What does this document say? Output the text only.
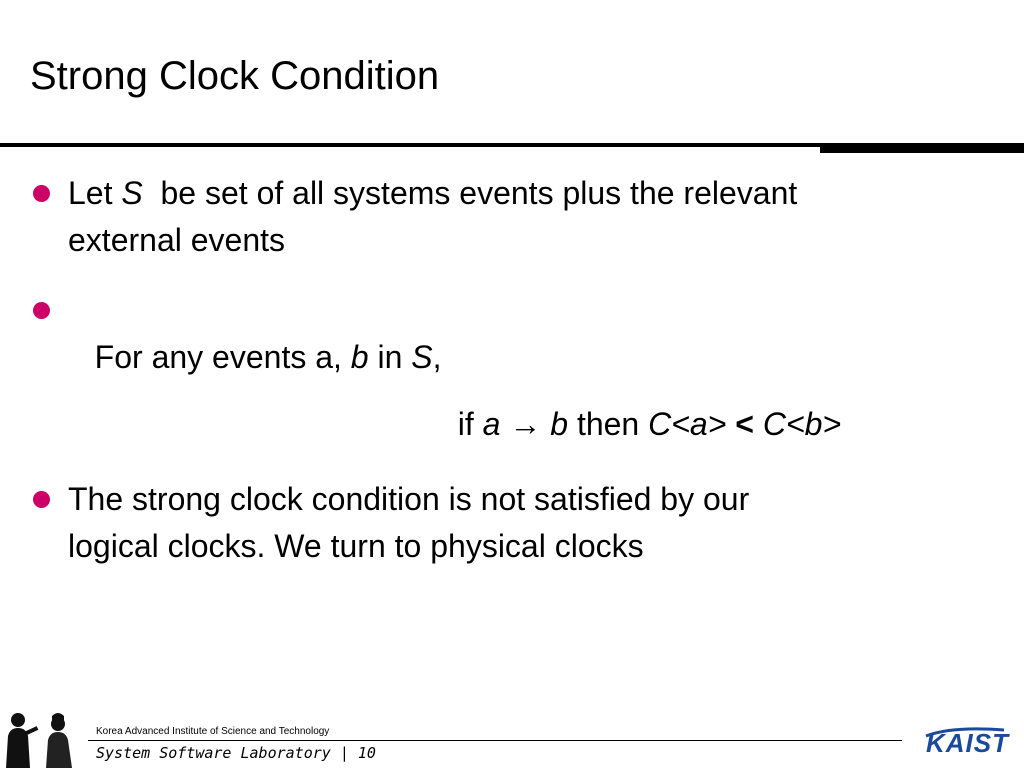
Strong Clock Condition
Let S  be set of all systems events plus the relevant
external events

For any events a, b in S,

if a → b then C<a> < C<b>

The strong clock condition is not satisfied by our
logical clocks. We turn to physical clocks
Korea Advanced Institute of Science and Technology
System Software Laboratory | 10	KAIST
